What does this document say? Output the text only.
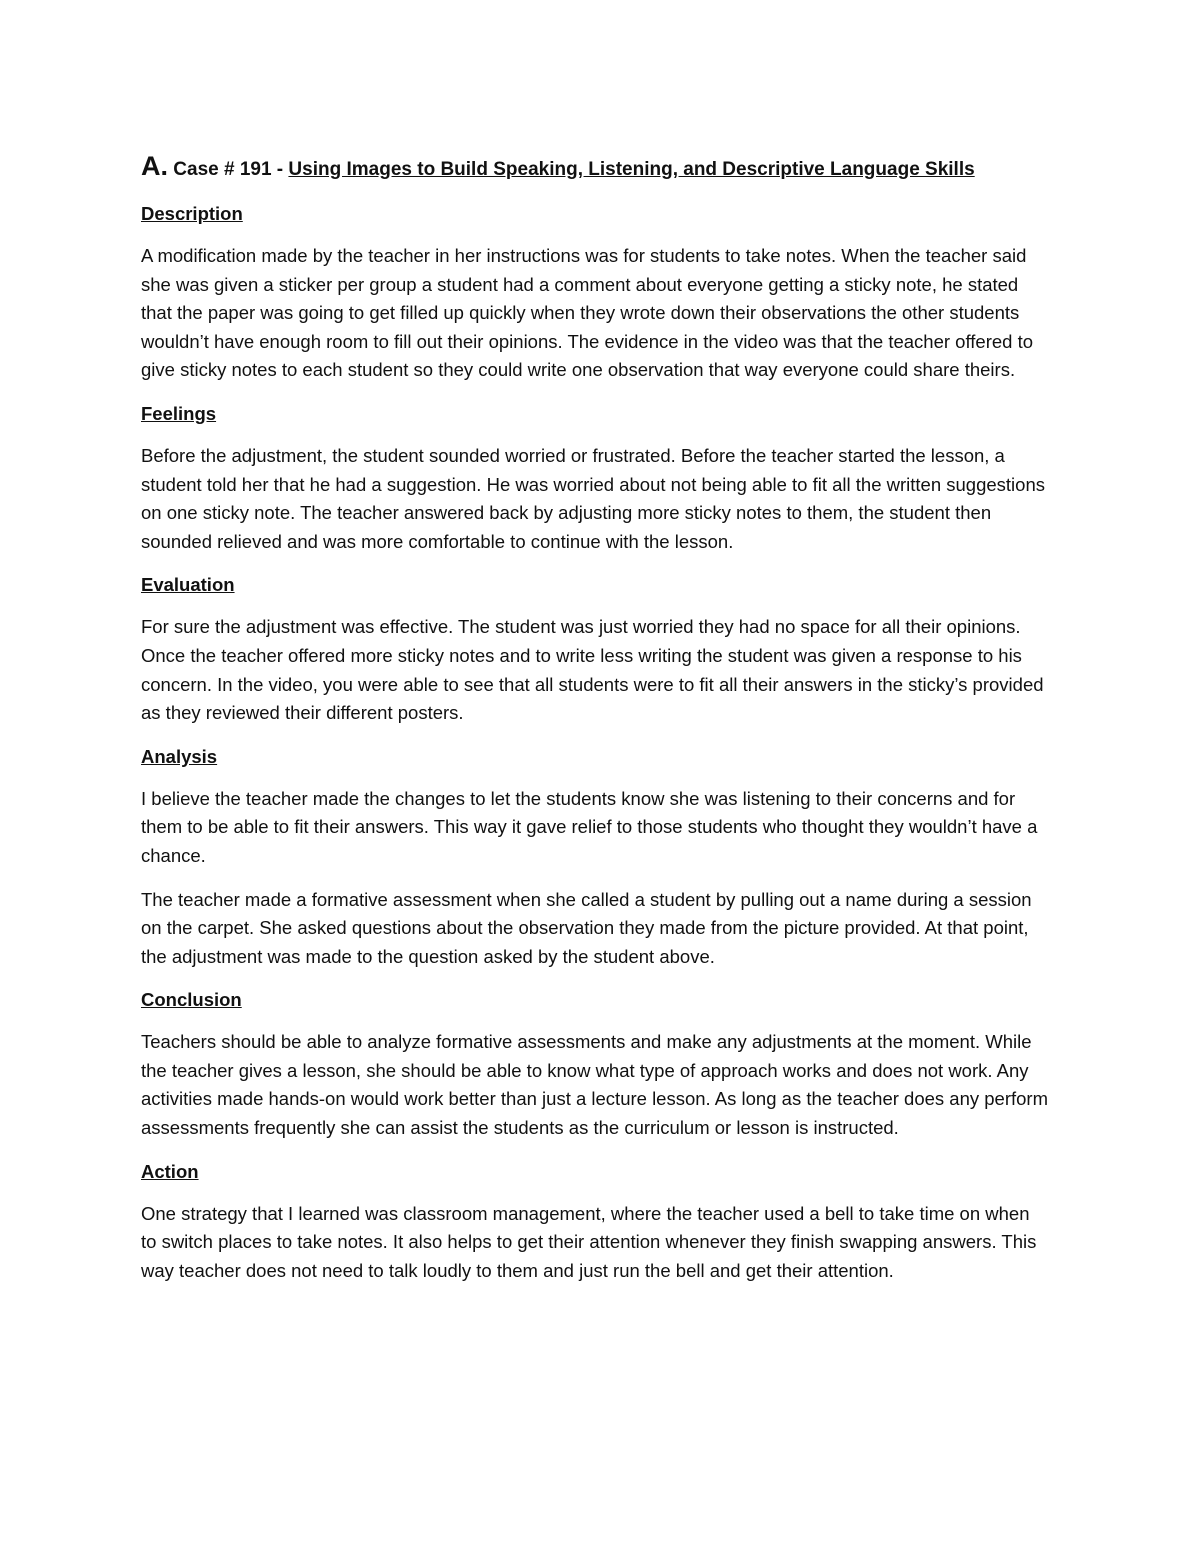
A. Case # 191 - Using Images to Build Speaking, Listening, and Descriptive Language Skills
Description

A modification made by the teacher in her instructions was for students to take notes. When the teacher said she was given a sticker per group a student had a comment about everyone getting a sticky note, he stated that the paper was going to get filled up quickly when they wrote down their observations the other students wouldn’t have enough room to fill out their opinions. The evidence in the video was that the teacher offered to give sticky notes to each student so they could write one observation that way everyone could share theirs.

Feelings

Before the adjustment, the student sounded worried or frustrated. Before the teacher started the lesson, a student told her that he had a suggestion. He was worried about not being able to fit all the written suggestions on one sticky note. The teacher answered back by adjusting more sticky notes to them, the student then sounded relieved and was more comfortable to continue with the lesson.

Evaluation

For sure the adjustment was effective. The student was just worried they had no space for all their opinions. Once the teacher offered more sticky notes and to write less writing the student was given a response to his concern. In the video, you were able to see that all students were to fit all their answers in the sticky’s provided as they reviewed their different posters.

Analysis

I believe the teacher made the changes to let the students know she was listening to their concerns and for them to be able to fit their answers. This way it gave relief to those students who thought they wouldn’t have a chance.

The teacher made a formative assessment when she called a student by pulling out a name during a session on the carpet. She asked questions about the observation they made from the picture provided. At that point, the adjustment was made to the question asked by the student above.

Conclusion

Teachers should be able to analyze formative assessments and make any adjustments at the moment. While the teacher gives a lesson, she should be able to know what type of approach works and does not work. Any activities made hands-on would work better than just a lecture lesson. As long as the teacher does any perform assessments frequently she can assist the students as the curriculum or lesson is instructed.

Action

One strategy that I learned was classroom management, where the teacher used a bell to take time on when to switch places to take notes. It also helps to get their attention whenever they finish swapping answers. This way teacher does not need to talk loudly to them and just run the bell and get their attention.
